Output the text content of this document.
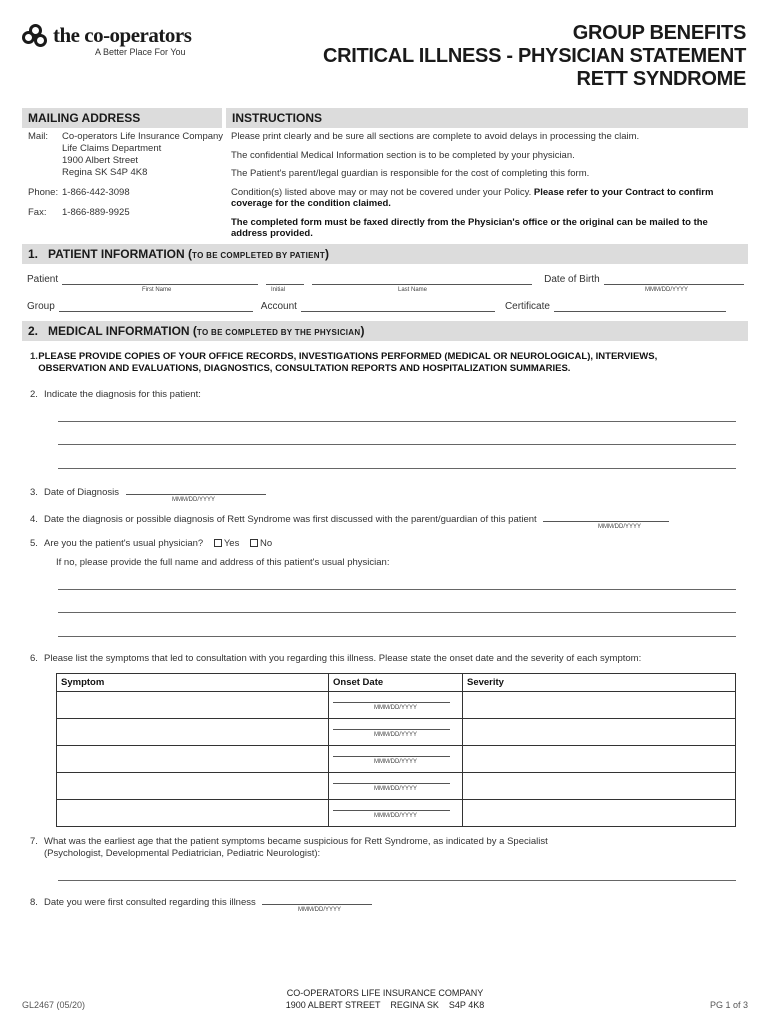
the co-operators
A Better Place For You
GROUP BENEFITS
CRITICAL ILLNESS - PHYSICIAN STATEMENT
RETT SYNDROME
MAILING ADDRESS	INSTRUCTIONS
Mail:	Co-operators Life Insurance Company
Life Claims Department
1900 Albert Street
Regina SK S4P 4K8
Phone: 1-866-442-3098
Fax:	1-866-889-9925

Please print clearly and be sure all sections are complete to avoid delays in processing the claim.

The confidential Medical Information section is to be completed by your physician.

The Patient's parent/legal guardian is responsible for the cost of completing this form.

Condition(s) listed above may or may not be covered under your Policy. Please refer to your Contract to confirm coverage for the condition claimed.

The completed form must be faxed directly from the Physician's office or the original can be mailed to the address provided.

1. PATIENT INFORMATION (TO BE COMPLETED BY PATIENT)
Patient	Date of Birth
First Name	Initial	Last Name	MMM/DD/YYYY
Group	Account	Certificate
2. MEDICAL INFORMATION (TO BE COMPLETED BY THE PHYSICIAN)
1. PLEASE PROVIDE COPIES OF YOUR OFFICE RECORDS, INVESTIGATIONS PERFORMED (MEDICAL OR NEUROLOGICAL), INTERVIEWS, OBSERVATION AND EVALUATIONS, DIAGNOSTICS, CONSULTATION REPORTS AND HOSPITALIZATION SUMMARIES.
2. Indicate the diagnosis for this patient:
3. Date of Diagnosis
MMM/DD/YYYY
4. Date the diagnosis or possible diagnosis of Rett Syndrome was first discussed with the parent/guardian of this patient
MMM/DD/YYYY
5. Are you the patient's usual physician? Yes No
If no, please provide the full name and address of this patient's usual physician:
6. Please list the symptoms that led to consultation with you regarding this illness. Please state the onset date and the severity of each symptom:
Symptom	Onset Date	Severity

	MMM/DD/YYYY	

	MMM/DD/YYYY	

	MMM/DD/YYYY	

	MMM/DD/YYYY	

	MMM/DD/YYYY	

7. What was the earliest age that the patient symptoms became suspicious for Rett Syndrome, as indicated by a Specialist (Psychologist, Developmental Pediatrician, Pediatric Neurologist):
8. Date you were first consulted regarding this illness
MMM/DD/YYYY
GL2467 (05/20)
CO-OPERATORS LIFE INSURANCE COMPANY
1900 ALBERT STREET    REGINA SK    S4P 4K8	PG 1 of 3
